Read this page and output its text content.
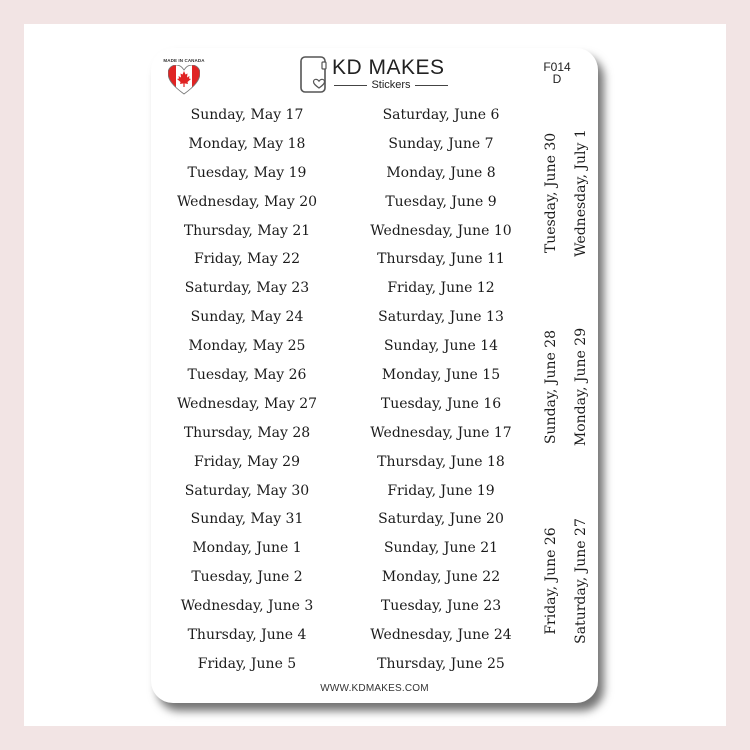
MADE IN CANADA	KD MAKES
Stickers
F014
D
Sunday, May 17
Monday, May 18
Tuesday, May 19
Wednesday, May 20
Thursday, May 21
Friday, May 22
Saturday, May 23
Sunday, May 24
Monday, May 25
Tuesday, May 26
Wednesday, May 27
Thursday, May 28
Friday, May 29
Saturday, May 30
Sunday, May 31
Monday, June 1
Tuesday, June 2
Wednesday, June 3
Thursday, June 4
Friday, June 5
Saturday, June 6
Sunday, June 7
Monday, June 8
Tuesday, June 9
Wednesday, June 10
Thursday, June 11
Friday, June 12
Saturday, June 13
Sunday, June 14
Monday, June 15
Tuesday, June 16
Wednesday, June 17
Thursday, June 18
Friday, June 19
Saturday, June 20
Sunday, June 21
Monday, June 22
Tuesday, June 23
Wednesday, June 24
Thursday, June 25
Tuesday, June 30 Wednesday, July 1
Sunday, June 28 Monday, June 29
Friday, June 26 Saturday, June 27
WWW.KDMAKES.COM
